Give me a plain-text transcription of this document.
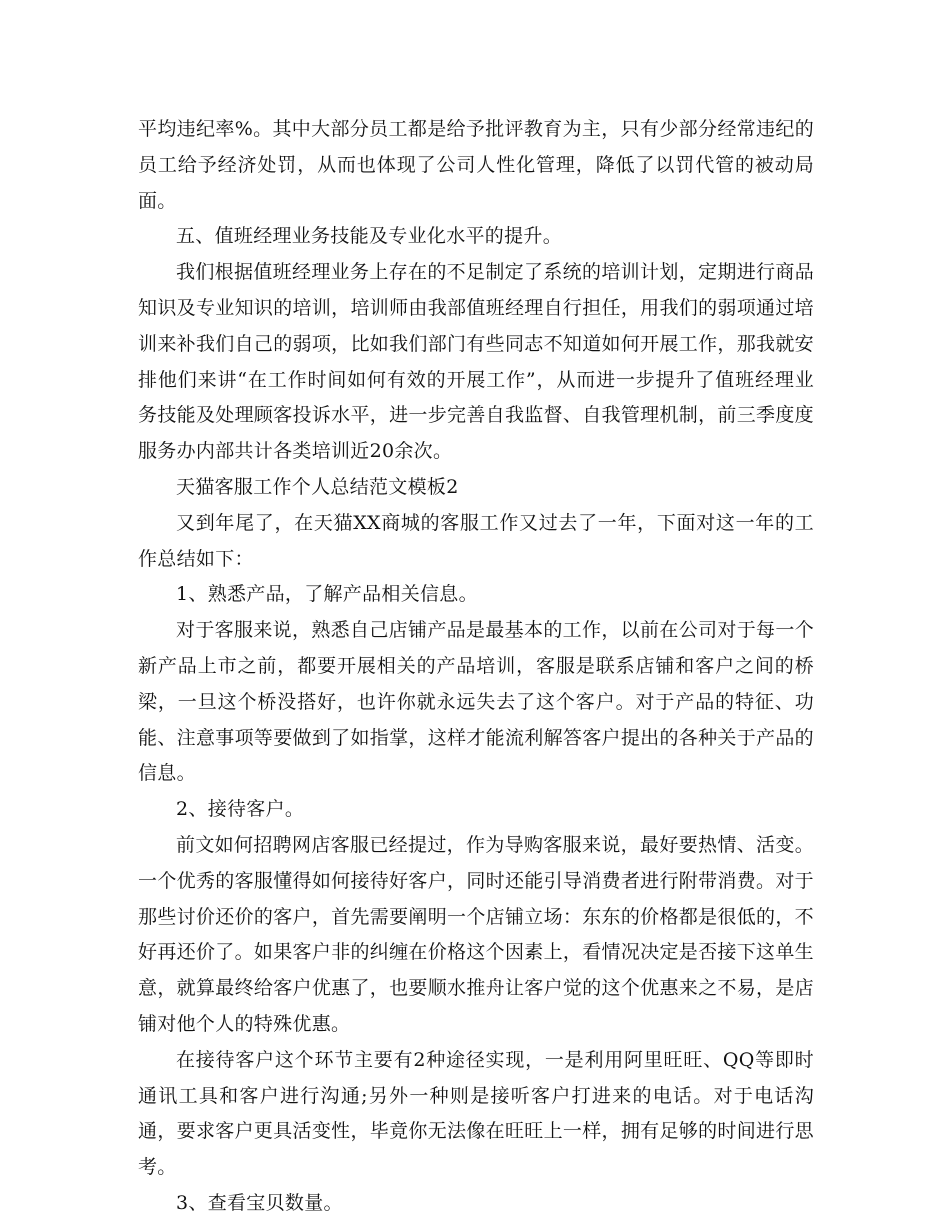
平均违纪率%。其中大部分员工都是给予批评教育为主，只有少部分经常违纪的员工给予经济处罚，从而也体现了公司人性化管理，降低了以罚代管的被动局面。

五、值班经理业务技能及专业化水平的提升。

我们根据值班经理业务上存在的不足制定了系统的培训计划，定期进行商品知识及专业知识的培训，培训师由我部值班经理自行担任，用我们的弱项通过培训来补我们自己的弱项，比如我们部门有些同志不知道如何开展工作，那我就安排他们来讲“在工作时间如何有效的开展工作”，从而进一步提升了值班经理业务技能及处理顾客投诉水平，进一步完善自我监督、自我管理机制，前三季度度服务办内部共计各类培训近20余次。

天猫客服工作个人总结范文模板2

又到年尾了，在天猫XX商城的客服工作又过去了一年，下面对这一年的工作总结如下：

1、熟悉产品，了解产品相关信息。

对于客服来说，熟悉自己店铺产品是最基本的工作，以前在公司对于每一个新产品上市之前，都要开展相关的产品培训，客服是联系店铺和客户之间的桥梁，一旦这个桥没搭好，也许你就永远失去了这个客户。对于产品的特征、功能、注意事项等要做到了如指掌，这样才能流利解答客户提出的各种关于产品的信息。

2、接待客户。

前文如何招聘网店客服已经提过，作为导购客服来说，最好要热情、活变。一个优秀的客服懂得如何接待好客户，同时还能引导消费者进行附带消费。对于那些讨价还价的客户，首先需要阐明一个店铺立场：东东的价格都是很低的，不好再还价了。如果客户非的纠缠在价格这个因素上，看情况决定是否接下这单生意，就算最终给客户优惠了，也要顺水推舟让客户觉的这个优惠来之不易，是店铺对他个人的特殊优惠。

在接待客户这个环节主要有2种途径实现，一是利用阿里旺旺、QQ等即时通讯工具和客户进行沟通;另外一种则是接听客户打进来的电话。对于电话沟通，要求客户更具活变性，毕竟你无法像在旺旺上一样，拥有足够的时间进行思考。

3、查看宝贝数量。
